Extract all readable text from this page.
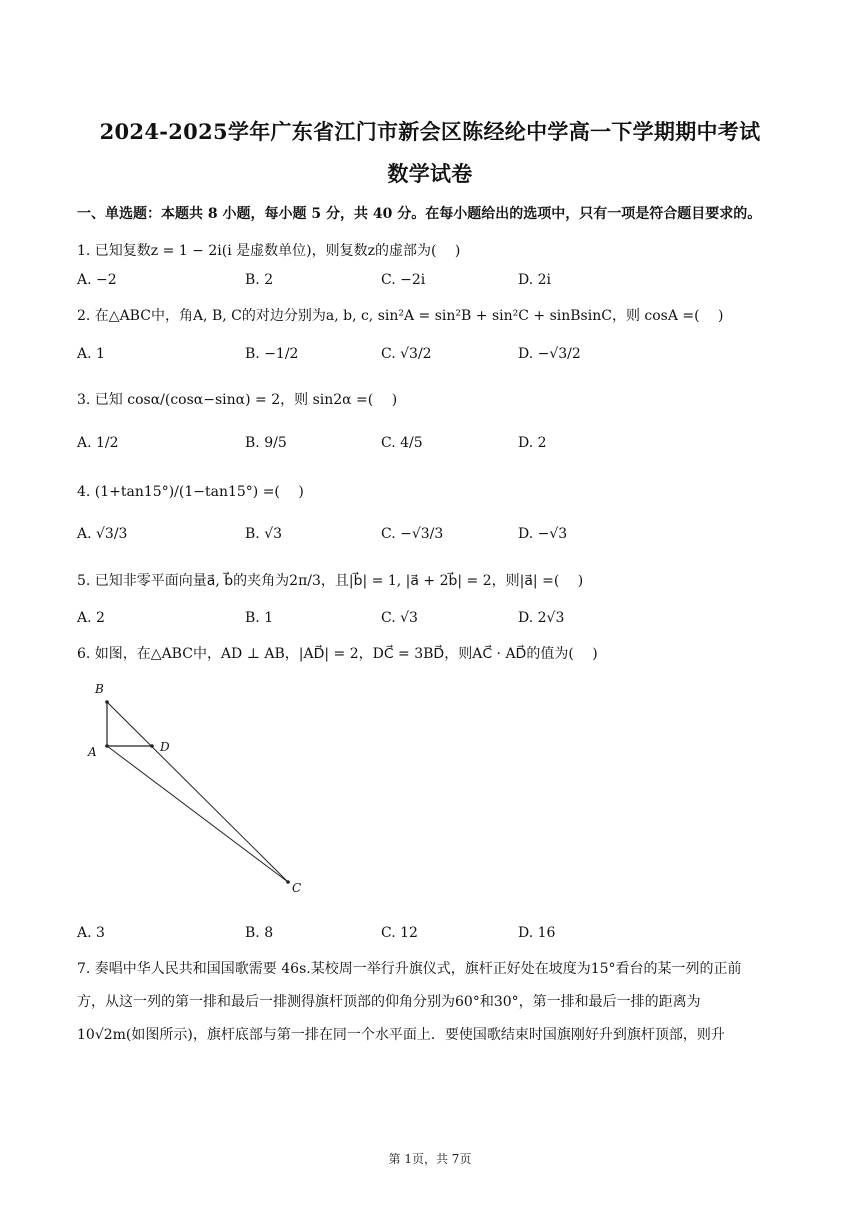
2024-2025学年广东省江门市新会区陈经纶中学高一下学期期中考试
数学试卷
一、单选题：本题共 8 小题，每小题 5 分，共 40 分。在每小题给出的选项中，只有一项是符合题目要求的。
1. 已知复数z = 1 − 2i(i 是虚数单位)，则复数z的虚部为(　 )
A. −2	B. 2	C. −2i	D. 2i
2. 在△ABC中，角A, B, C的对边分别为a, b, c, sin²A = sin²B + sin²C + sinBsinC，则 cosA =(　 )
A. 1	B. −1/2	C. √3/2	D. −√3/2
3. 已知 cosα/(cosα−sinα) = 2，则 sin2α =(　 )
A. 1/2	B. 9/5	C. 4/5	D. 2
4. (1+tan15°)/(1−tan15°) =(　 )
A. √3/3	B. √3	C. −√3/3	D. −√3
5. 已知非零平面向量a⃗, b⃗的夹角为2π/3，且|b⃗| = 1, |a⃗ + 2b⃗| = 2，则|a⃗| =(　 )
A. 2	B. 1	C. √3	D. 2√3
6. 如图，在△ABC中，AD ⊥ AB，|AD⃗| = 2，DC⃗ = 3BD⃗，则AC⃗ · AD⃗的值为(　 )
B
A	D
C
A. 3	B. 8	C. 12	D. 16
7. 奏唱中华人民共和国国歌需要 46s.某校周一举行升旗仪式，旗杆正好处在坡度为15°看台的某一列的正前
方，从这一列的第一排和最后一排测得旗杆顶部的仰角分别为60°和30°，第一排和最后一排的距离为
10√2m(如图所示)，旗杆底部与第一排在同一个水平面上．要使国歌结束时国旗刚好升到旗杆顶部，则升
第 1页，共 7页
